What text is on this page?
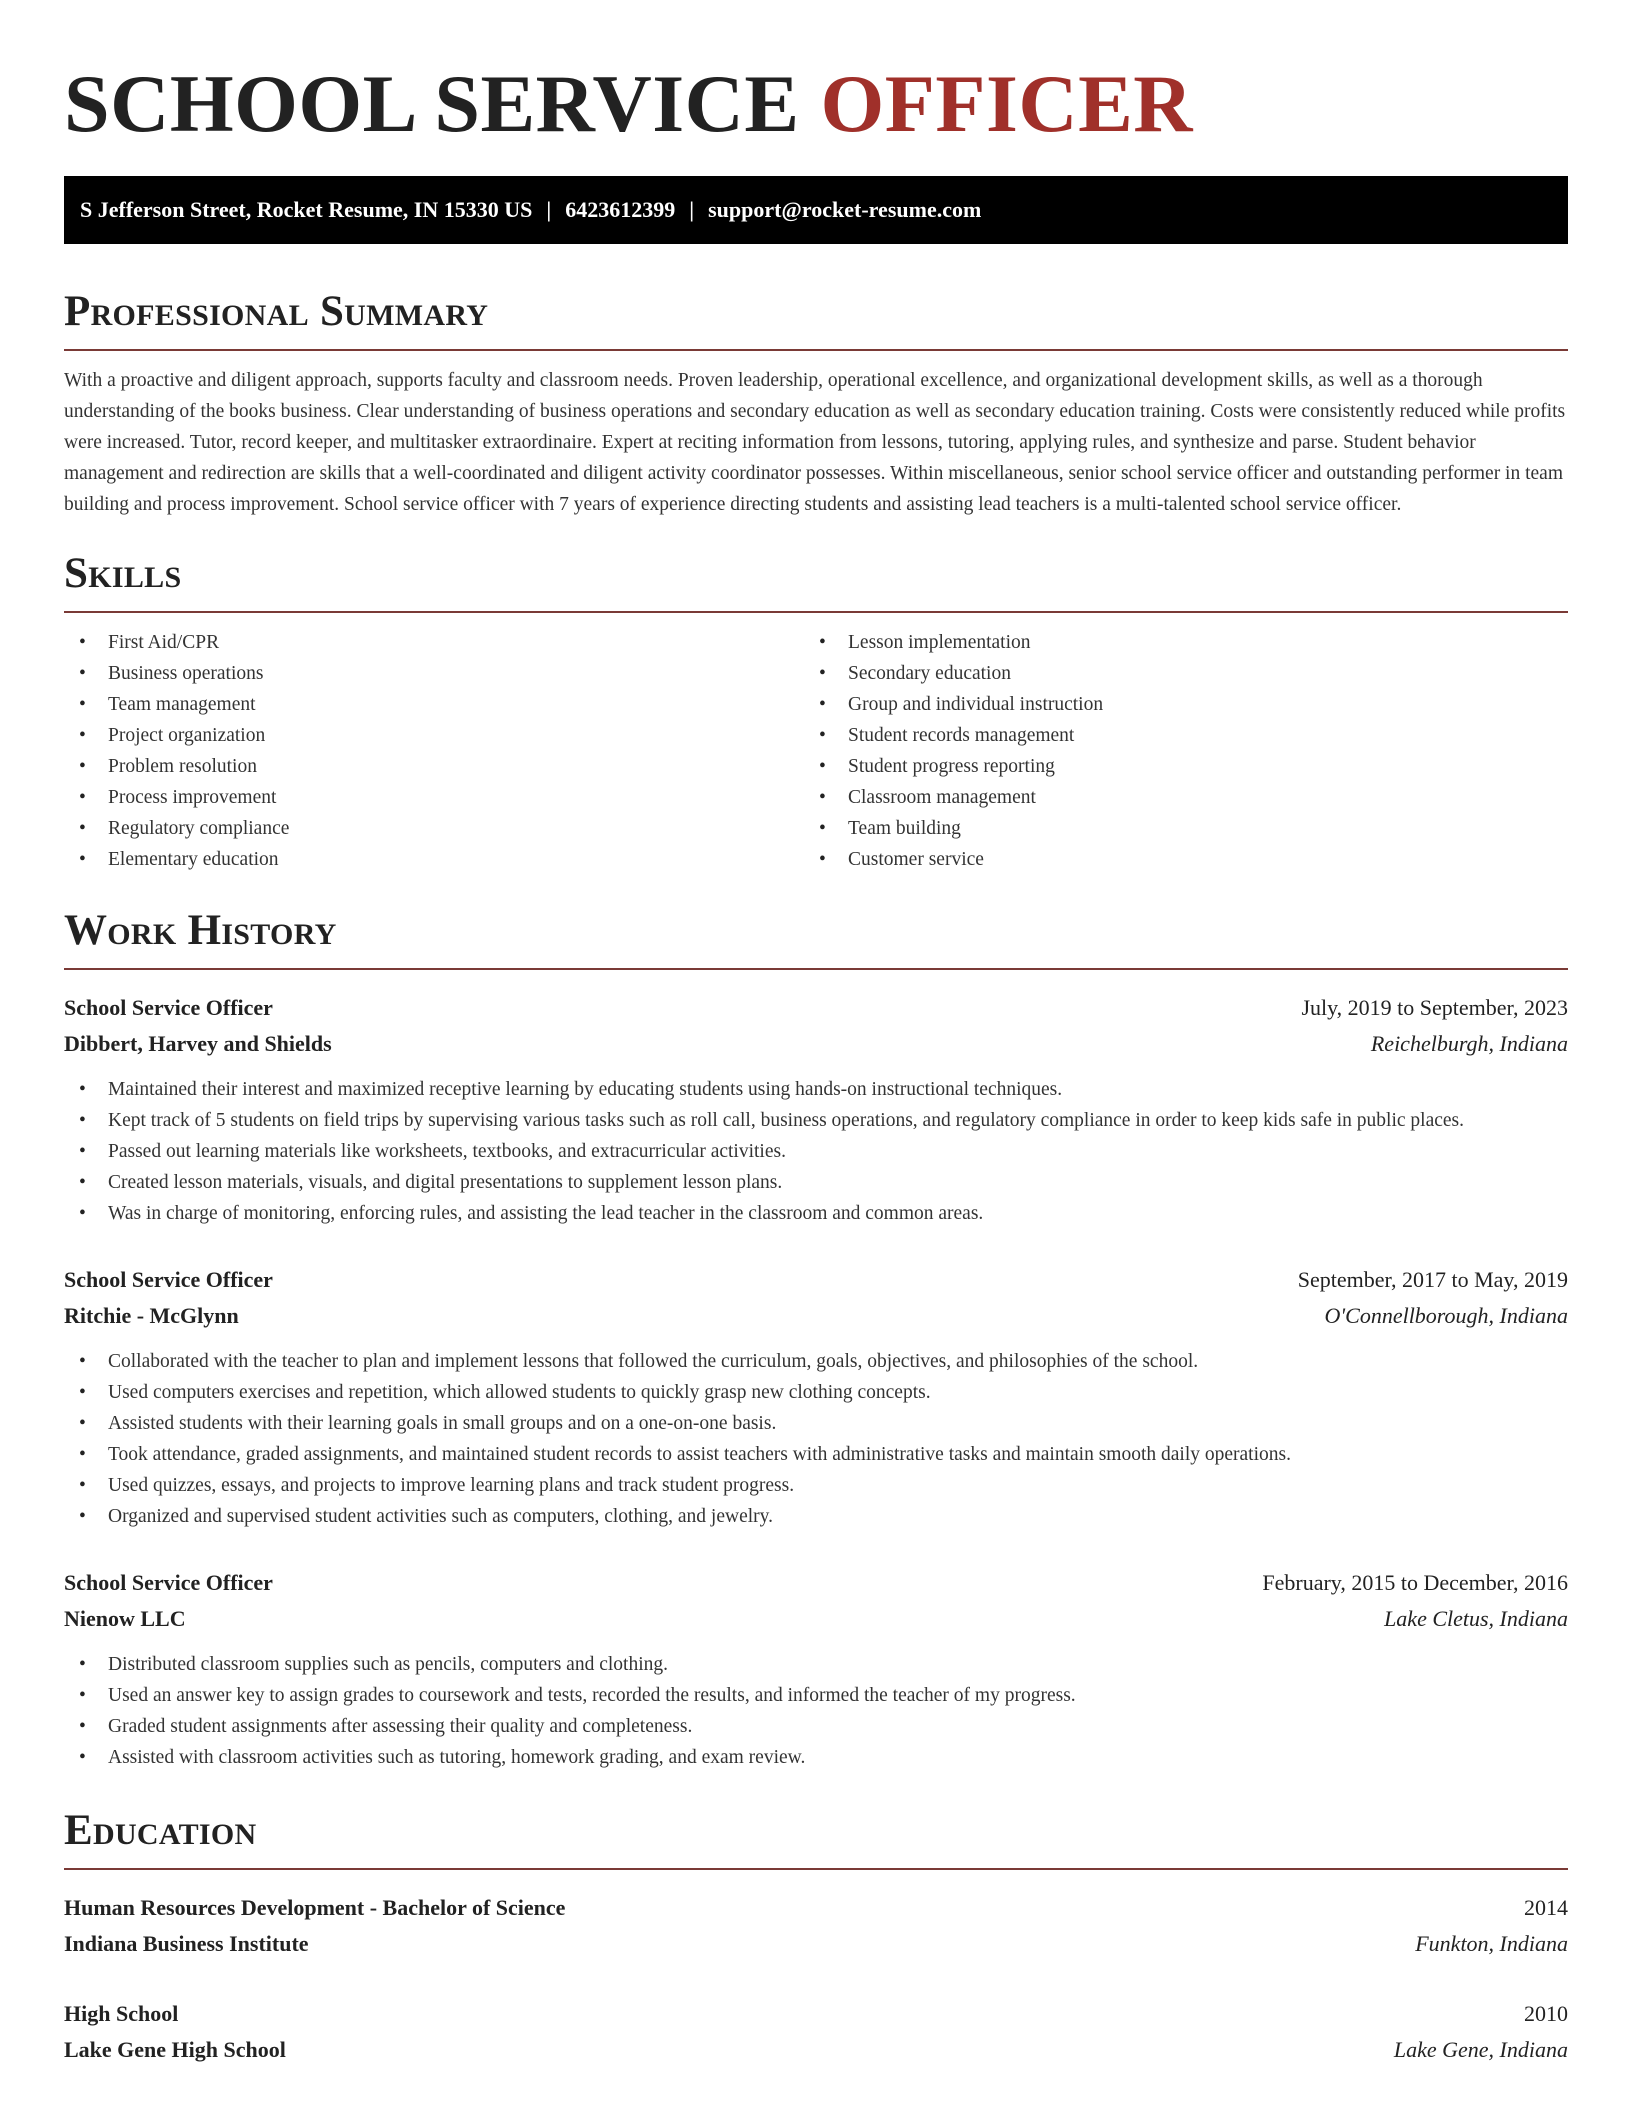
SCHOOL SERVICE OFFICER
S Jefferson Street, Rocket Resume, IN 15330 US | 6423612399 | support@rocket-resume.com
Professional Summary

With a proactive and diligent approach, supports faculty and classroom needs. Proven leadership, operational excellence, and organizational development skills, as well as a thorough understanding of the books business. Clear understanding of business operations and secondary education as well as secondary education training. Costs were consistently reduced while profits were increased. Tutor, record keeper, and multitasker extraordinaire. Expert at reciting information from lessons, tutoring, applying rules, and synthesize and parse. Student behavior management and redirection are skills that a well-coordinated and diligent activity coordinator possesses. Within miscellaneous, senior school service officer and outstanding performer in team building and process improvement. School service officer with 7 years of experience directing students and assisting lead teachers is a multi-talented school service officer.

Skills
• First Aid/CPR
• Business operations
• Team management
• Project organization
• Problem resolution
• Process improvement
• Regulatory compliance
• Elementary education
• Lesson implementation
• Secondary education
• Group and individual instruction
• Student records management
• Student progress reporting
• Classroom management
• Team building
• Customer service
Work History
School Service Officer	July, 2019 to September, 2023
Dibbert, Harvey and Shields	Reichelburgh, Indiana
• Maintained their interest and maximized receptive learning by educating students using hands-on instructional techniques.
• Kept track of 5 students on field trips by supervising various tasks such as roll call, business operations, and regulatory compliance in order to keep kids safe in public places.
• Passed out learning materials like worksheets, textbooks, and extracurricular activities.
• Created lesson materials, visuals, and digital presentations to supplement lesson plans.
• Was in charge of monitoring, enforcing rules, and assisting the lead teacher in the classroom and common areas.
School Service Officer	September, 2017 to May, 2019
Ritchie - McGlynn	O'Connellborough, Indiana
• Collaborated with the teacher to plan and implement lessons that followed the curriculum, goals, objectives, and philosophies of the school.
• Used computers exercises and repetition, which allowed students to quickly grasp new clothing concepts.
• Assisted students with their learning goals in small groups and on a one-on-one basis.
• Took attendance, graded assignments, and maintained student records to assist teachers with administrative tasks and maintain smooth daily operations.
• Used quizzes, essays, and projects to improve learning plans and track student progress.
• Organized and supervised student activities such as computers, clothing, and jewelry.
School Service Officer	February, 2015 to December, 2016
Nienow LLC	Lake Cletus, Indiana
• Distributed classroom supplies such as pencils, computers and clothing.
• Used an answer key to assign grades to coursework and tests, recorded the results, and informed the teacher of my progress.
• Graded student assignments after assessing their quality and completeness.
• Assisted with classroom activities such as tutoring, homework grading, and exam review.
Education
Human Resources Development - Bachelor of Science	2014
Indiana Business Institute	Funkton, Indiana
High School	2010
Lake Gene High School	Lake Gene, Indiana
